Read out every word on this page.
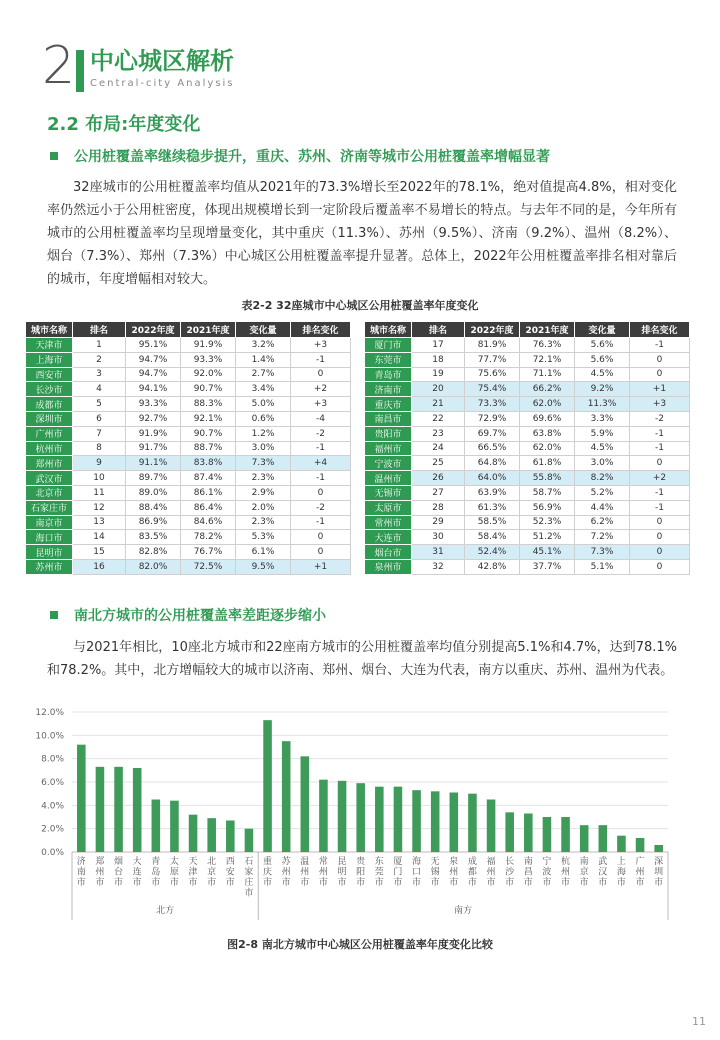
2 中心城区解析
Central-city Analysis
2.2 布局:年度变化
公用桩覆盖率继续稳步提升，重庆、苏州、济南等城市公用桩覆盖率增幅显著
32座城市的公用桩覆盖率均值从2021年的73.3%增长至2022年的78.1%，绝对值提高4.8%，相对变化率仍然远小于公用桩密度，体现出规模增长到一定阶段后覆盖率不易增长的特点。与去年不同的是，今年所有城市的公用桩覆盖率均呈现增量变化，其中重庆（11.3%）、苏州（9.5%）、济南（9.2%）、温州（8.2%）、烟台（7.3%）、郑州（7.3%）中心城区公用桩覆盖率提升显著。总体上，2022年公用桩覆盖率排名相对靠后的城市，年度增幅相对较大。
表2-2 32座城市中心城区公用桩覆盖率年度变化
城市名称	排名	2022年度	2021年度	变化量	排名变化
天津市	1	95.1%	91.9%	3.2%	+3
上海市	2	94.7%	93.3%	1.4%	-1
西安市	3	94.7%	92.0%	2.7%	0
长沙市	4	94.1%	90.7%	3.4%	+2
成都市	5	93.3%	88.3%	5.0%	+3
深圳市	6	92.7%	92.1%	0.6%	-4
广州市	7	91.9%	90.7%	1.2%	-2
杭州市	8	91.7%	88.7%	3.0%	-1
郑州市	9	91.1%	83.8%	7.3%	+4
武汉市	10	89.7%	87.4%	2.3%	-1
北京市	11	89.0%	86.1%	2.9%	0
石家庄市	12	88.4%	86.4%	2.0%	-2
南京市	13	86.9%	84.6%	2.3%	-1
海口市	14	83.5%	78.2%	5.3%	0
昆明市	15	82.8%	76.7%	6.1%	0
苏州市	16	82.0%	72.5%	9.5%	+1
城市名称	排名	2022年度	2021年度	变化量	排名变化
厦门市	17	81.9%	76.3%	5.6%	-1
东莞市	18	77.7%	72.1%	5.6%	0
青岛市	19	75.6%	71.1%	4.5%	0
济南市	20	75.4%	66.2%	9.2%	+1
重庆市	21	73.3%	62.0%	11.3%	+3
南昌市	22	72.9%	69.6%	3.3%	-2
贵阳市	23	69.7%	63.8%	5.9%	-1
福州市	24	66.5%	62.0%	4.5%	-1
宁波市	25	64.8%	61.8%	3.0%	0
温州市	26	64.0%	55.8%	8.2%	+2
无锡市	27	63.9%	58.7%	5.2%	-1
太原市	28	61.3%	56.9%	4.4%	-1
常州市	29	58.5%	52.3%	6.2%	0
大连市	30	58.4%	51.2%	7.2%	0
烟台市	31	52.4%	45.1%	7.3%	0
泉州市	32	42.8%	37.7%	5.1%	0
南北方城市的公用桩覆盖率差距逐步缩小
与2021年相比，10座北方城市和22座南方城市的公用桩覆盖率均值分别提高5.1%和4.7%，达到78.1%和78.2%。其中，北方增幅较大的城市以济南、郑州、烟台、大连为代表，南方以重庆、苏州、温州为代表。
0.0%
2.0%
4.0%
6.0%
8.0%
10.0%
12.0%
济南市
郑州市
烟台市
大连市
青岛市
太原市
天津市
北京市
西安市
石家庄市
重庆市
苏州市
温州市
常州市
昆明市
贵阳市
东莞市
厦门市
海口市
无锡市
泉州市
成都市
福州市
长沙市
南昌市
宁波市
杭州市
南京市
武汉市
上海市
广州市
深圳市
北方	南方
图2-8 南北方城市中心城区公用桩覆盖率年度变化比较
11
